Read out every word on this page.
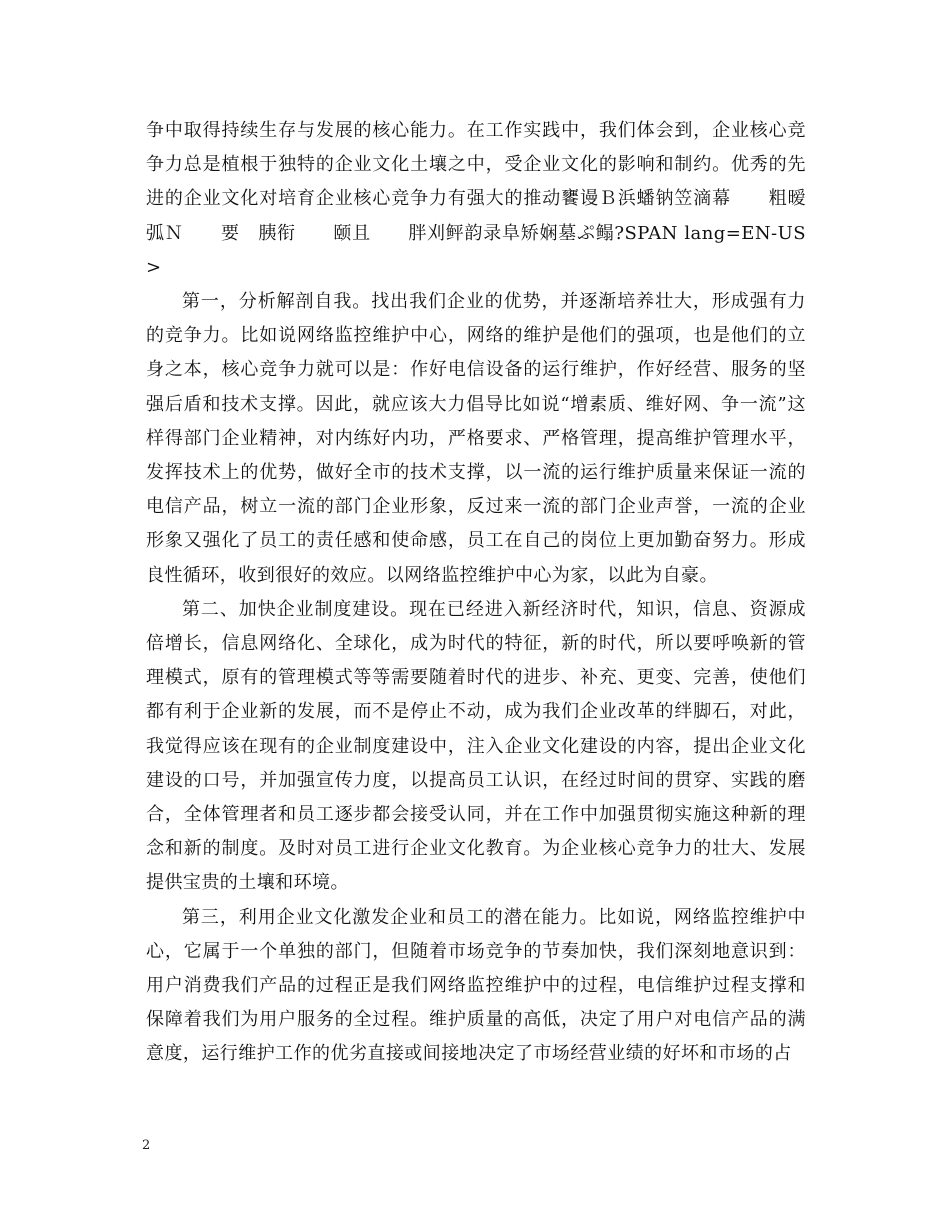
争中取得持续生存与发展的核心能力。在工作实践中，我们体会到，企业核心竞争力总是植根于独特的企业文化土壤之中，受企业文化的影响和制约。优秀的先进的企业文化对培育企业核心竞争力有强大的推动饔谩Ｂ浜蟠钠笠滴幕　　粗暧弧Ｎ　　要　胰衔　　颐且　　胖刈鲆韵录阜矫娴墓ぷ鳎?SPAN lang=EN-US>

第一，分析解剖自我。找出我们企业的优势，并逐渐培养壮大，形成强有力的竞争力。比如说网络监控维护中心，网络的维护是他们的强项，也是他们的立身之本，核心竞争力就可以是：作好电信设备的运行维护，作好经营、服务的坚强后盾和技术支撑。因此，就应该大力倡导比如说“增素质、维好网、争一流”这样得部门企业精神，对内练好内功，严格要求、严格管理，提高维护管理水平，发挥技术上的优势，做好全市的技术支撑，以一流的运行维护质量来保证一流的电信产品，树立一流的部门企业形象，反过来一流的部门企业声誉，一流的企业形象又强化了员工的责任感和使命感，员工在自己的岗位上更加勤奋努力。形成良性循环，收到很好的效应。以网络监控维护中心为家，以此为自豪。

第二、加快企业制度建设。现在已经进入新经济时代，知识，信息、资源成倍增长，信息网络化、全球化，成为时代的特征，新的时代，所以要呼唤新的管理模式，原有的管理模式等等需要随着时代的进步、补充、更变、完善，使他们都有利于企业新的发展，而不是停止不动，成为我们企业改革的绊脚石，对此，我觉得应该在现有的企业制度建设中，注入企业文化建设的内容，提出企业文化建设的口号，并加强宣传力度，以提高员工认识，在经过时间的贯穿、实践的磨合，全体管理者和员工逐步都会接受认同，并在工作中加强贯彻实施这种新的理念和新的制度。及时对员工进行企业文化教育。为企业核心竞争力的壮大、发展提供宝贵的土壤和环境。

第三，利用企业文化激发企业和员工的潜在能力。比如说，网络监控维护中心，它属于一个单独的部门，但随着市场竞争的节奏加快，我们深刻地意识到：用户消费我们产品的过程正是我们网络监控维护中的过程，电信维护过程支撑和保障着我们为用户服务的全过程。维护质量的高低，决定了用户对电信产品的满意度，运行维护工作的优劣直接或间接地决定了市场经营业绩的好坏和市场的占

2
